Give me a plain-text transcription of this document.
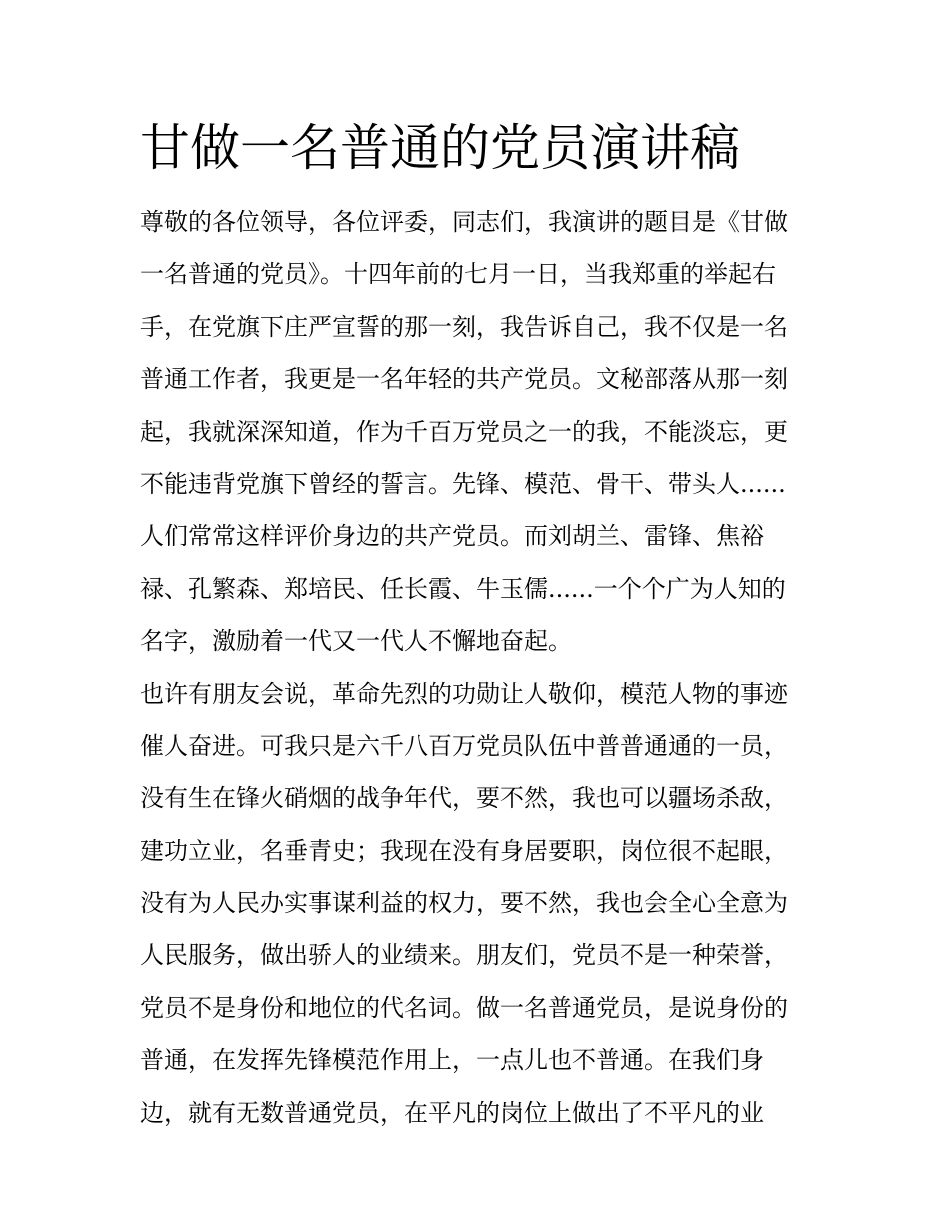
甘做一名普通的党员演讲稿
尊敬的各位领导，各位评委，同志们，我演讲的题目是《甘做
一名普通的党员》。十四年前的七月一日，当我郑重的举起右
手，在党旗下庄严宣誓的那一刻，我告诉自己，我不仅是一名
普通工作者，我更是一名年轻的共产党员。文秘部落从那一刻
起，我就深深知道，作为千百万党员之一的我，不能淡忘，更
不能违背党旗下曾经的誓言。先锋、模范、骨干、带头人......
人们常常这样评价身边的共产党员。而刘胡兰、雷锋、焦裕
禄、孔繁森、郑培民、任长霞、牛玉儒......一个个广为人知的
名字，激励着一代又一代人不懈地奋起。
也许有朋友会说，革命先烈的功勋让人敬仰，模范人物的事迹
催人奋进。可我只是六千八百万党员队伍中普普通通的一员，
没有生在锋火硝烟的战争年代，要不然，我也可以疆场杀敌，
建功立业，名垂青史；我现在没有身居要职，岗位很不起眼，
没有为人民办实事谋利益的权力，要不然，我也会全心全意为
人民服务，做出骄人的业绩来。朋友们，党员不是一种荣誉，
党员不是身份和地位的代名词。做一名普通党员，是说身份的
普通，在发挥先锋模范作用上，一点儿也不普通。在我们身
边，就有无数普通党员，在平凡的岗位上做出了不平凡的业
